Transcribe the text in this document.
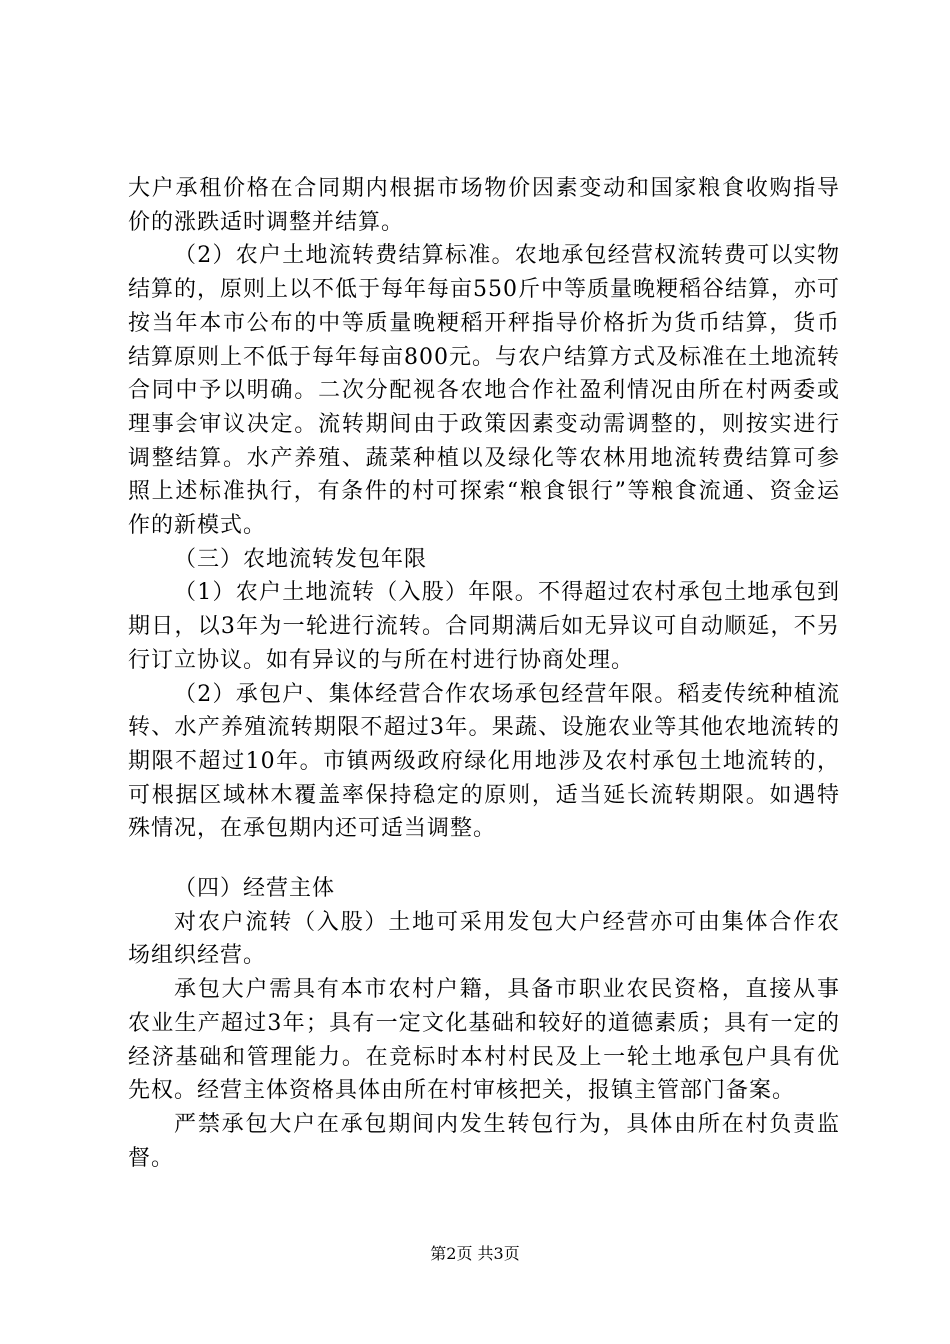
大户承租价格在合同期内根据市场物价因素变动和国家粮食收购指导价的涨跌适时调整并结算。

（2）农户土地流转费结算标准。农地承包经营权流转费可以实物结算的，原则上以不低于每年每亩550斤中等质量晚粳稻谷结算，亦可按当年本市公布的中等质量晚粳稻开秤指导价格折为货币结算，货币结算原则上不低于每年每亩800元。与农户结算方式及标准在土地流转合同中予以明确。二次分配视各农地合作社盈利情况由所在村两委或理事会审议决定。流转期间由于政策因素变动需调整的，则按实进行调整结算。水产养殖、蔬菜种植以及绿化等农林用地流转费结算可参照上述标准执行，有条件的村可探索“粮食银行”等粮食流通、资金运作的新模式。

（三）农地流转发包年限

（1）农户土地流转（入股）年限。不得超过农村承包土地承包到期日，以3年为一轮进行流转。合同期满后如无异议可自动顺延，不另行订立协议。如有异议的与所在村进行协商处理。

（2）承包户、集体经营合作农场承包经营年限。稻麦传统种植流转、水产养殖流转期限不超过3年。果蔬、设施农业等其他农地流转的期限不超过10年。市镇两级政府绿化用地涉及农村承包土地流转的，可根据区域林木覆盖率保持稳定的原则，适当延长流转期限。如遇特殊情况，在承包期内还可适当调整。

（四）经营主体

对农户流转（入股）土地可采用发包大户经营亦可由集体合作农场组织经营。

承包大户需具有本市农村户籍，具备市职业农民资格，直接从事农业生产超过3年；具有一定文化基础和较好的道德素质；具有一定的经济基础和管理能力。在竞标时本村村民及上一轮土地承包户具有优先权。经营主体资格具体由所在村审核把关，报镇主管部门备案。

严禁承包大户在承包期间内发生转包行为，具体由所在村负责监督。

第2页 共3页
